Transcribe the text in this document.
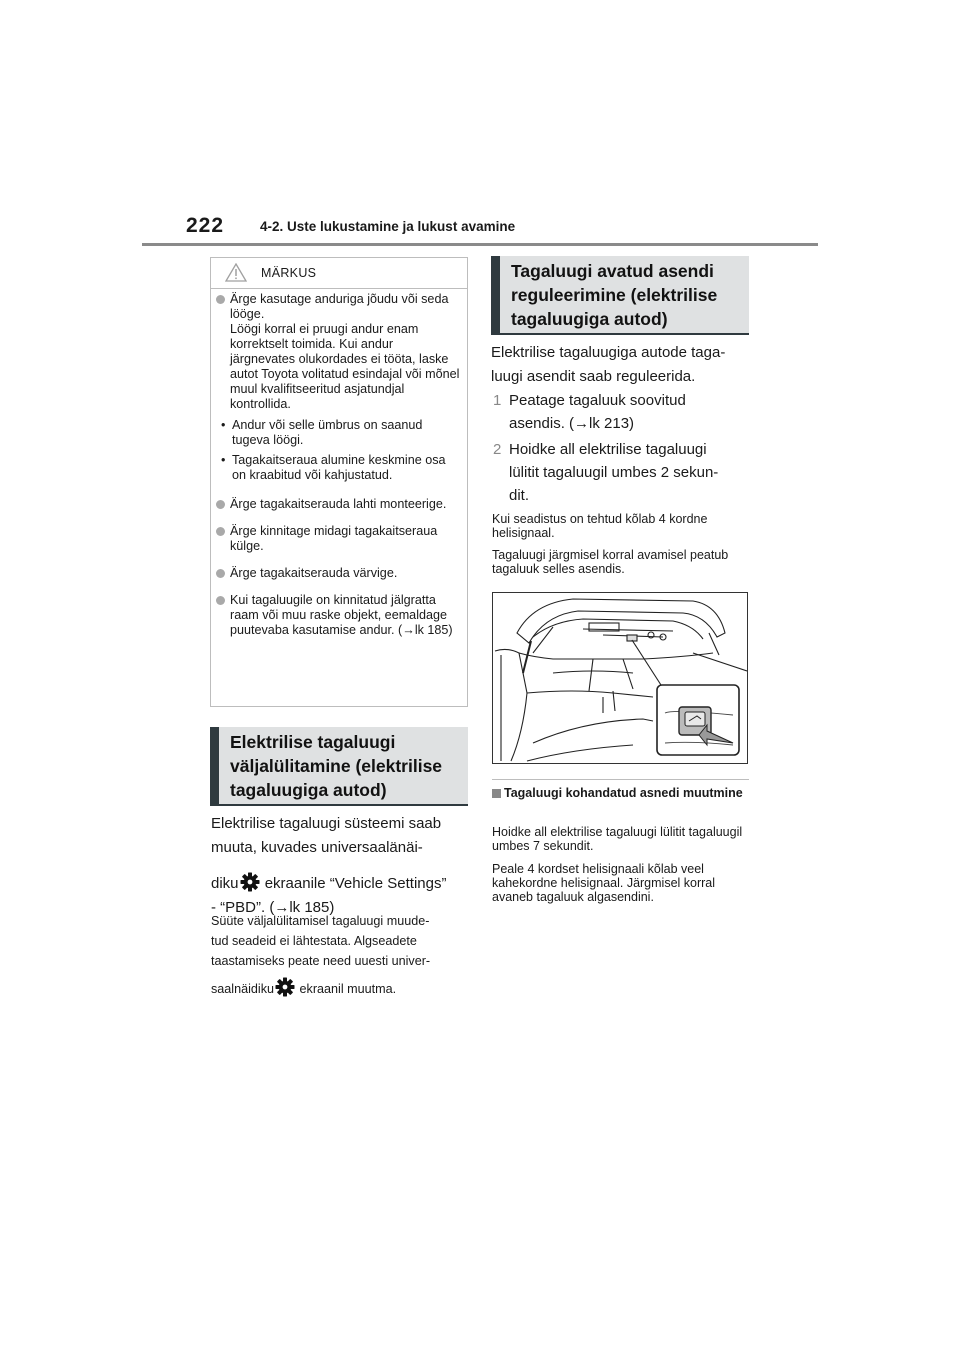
222	4-2. Uste lukustamine ja lukust avamine
MÄRKUS
Ärge kasutage anduriga jõudu või seda lööge.
Löögi korral ei pruugi andur enam korrektselt toimida. Kui andur järgnevates olukordades ei tööta, laske autot Toyota volitatud esindajal või mõnel muul kvalifitseeritud asjatundjal kontrollida.
• Andur või selle ümbrus on saanud tugeva löögi.
• Tagakaitseraua alumine keskmine osa on kraabitud või kahjustatud.
Ärge tagakaitserauda lahti monteerige.
Ärge kinnitage midagi tagakaitseraua külge.
Ärge tagakaitserauda värvige.
Kui tagaluugile on kinnitatud jälgratta raam või muu raske objekt, eemaldage puutevaba kasutamise andur. (→lk 185)
Elektrilise tagaluugi väljalülitamine (elektrilise tagaluugiga autod)
Elektrilise tagaluugi süsteemi saab muuta, kuvades universaalänäi-
diku ekraanile “Vehicle Settings”
- “PBD”. (→lk 185)
Süüte väljalülitamisel tagaluugi muude-
tud seadeid ei lähtestata. Algseadete
taastamiseks peate need uuesti univer-
saalnäidiku ekraanil muutma.
Tagaluugi avatud asendi reguleerimine (elektrilise tagaluugiga autod)
Elektrilise tagaluugiga autode taga-
luugi asendit saab reguleerida.
1 Peatage tagaluuk soovitud
asendis. (→lk 213)
2 Hoidke all elektrilise tagaluugi
lülitit tagaluugil umbes 2 sekun-
dit.
Kui seadistus on tehtud kõlab 4 kordne helisignaal.
Tagaluugi järgmisel korral avamisel peatub tagaluuk selles asendis.
Tagaluugi kohandatud asnedi muutmine
Hoidke all elektrilise tagaluugi lülitit tagaluugil umbes 7 sekundit.
Peale 4 kordset helisignaali kõlab veel kahekordne helisignaal. Järgmisel korral avaneb tagaluuk algasendini.
